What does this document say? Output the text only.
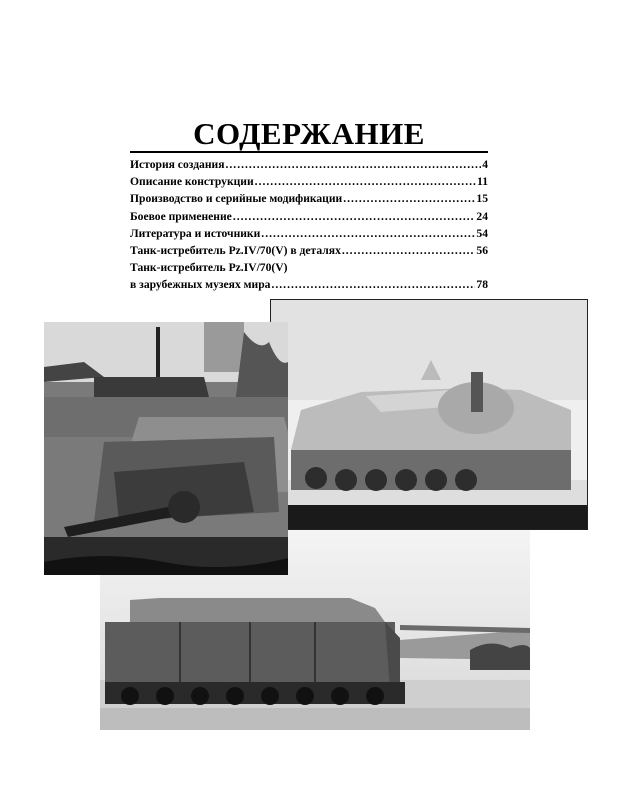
СОДЕРЖАНИЕ
История создания .....	4
Описание конструкции .....	11
Производство и серийные модификации .....	15
Боевое применение .....	24
Литература и источники .....	54
Танк-истребитель Pz.IV/70(V) в деталях .....	56
Танк-истребитель Pz.IV/70(V)
в зарубежных музеях мира .....	78
